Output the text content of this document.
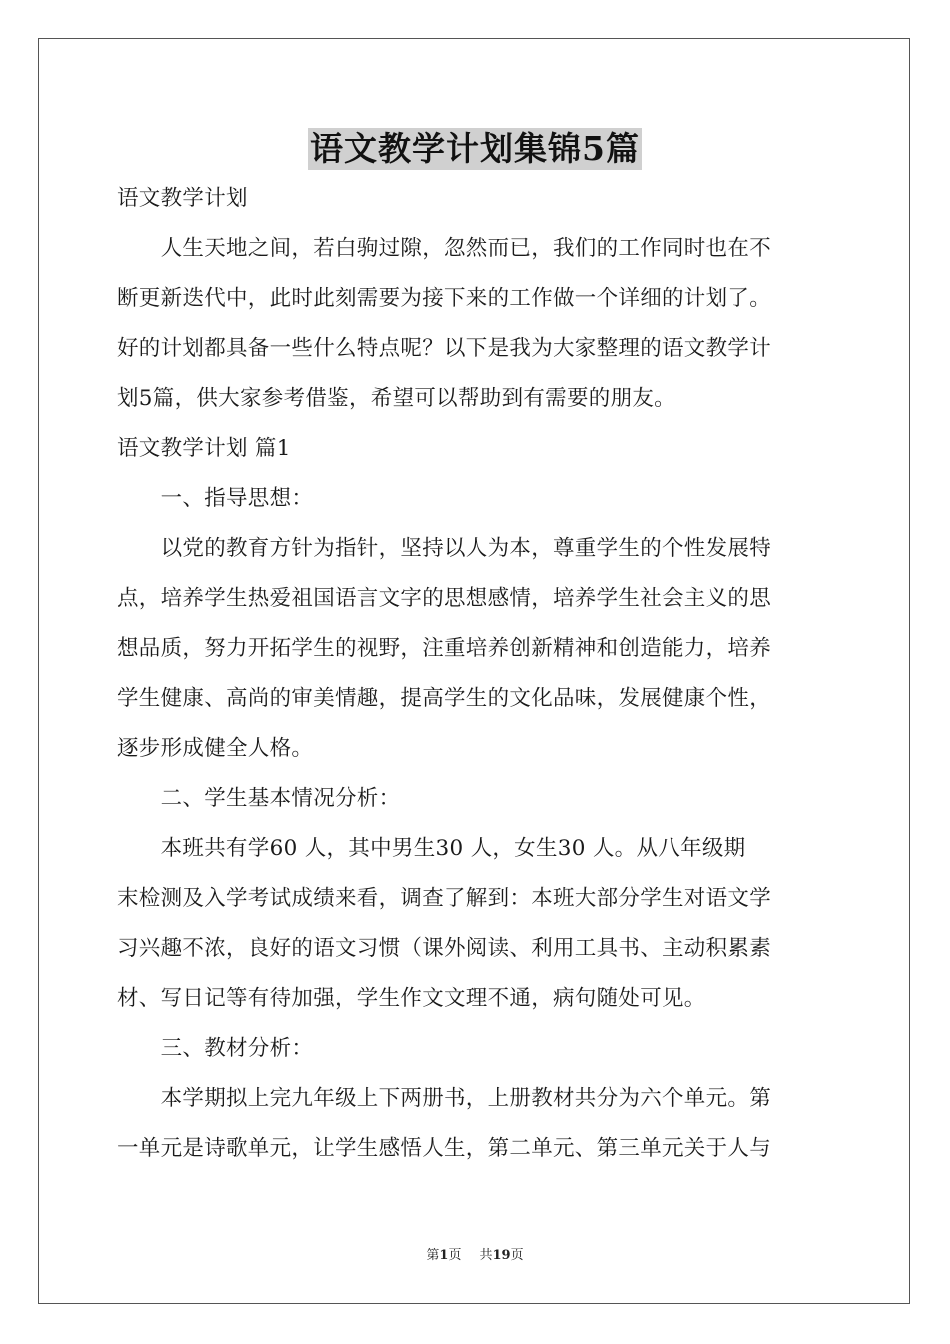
语文教学计划集锦5篇
语文教学计划
　　人生天地之间，若白驹过隙，忽然而已，我们的工作同时也在不
断更新迭代中，此时此刻需要为接下来的工作做一个详细的计划了。
好的计划都具备一些什么特点呢？以下是我为大家整理的语文教学计
划5篇，供大家参考借鉴，希望可以帮助到有需要的朋友。
语文教学计划 篇1
　　一、指导思想：
　　以党的教育方针为指针，坚持以人为本，尊重学生的个性发展特
点，培养学生热爱祖国语言文字的思想感情，培养学生社会主义的思
想品质，努力开拓学生的视野，注重培养创新精神和创造能力，培养
学生健康、高尚的审美情趣，提高学生的文化品味，发展健康个性，
逐步形成健全人格。
　　二、学生基本情况分析：
　　本班共有学60 人，其中男生30 人，女生30 人。从八年级期
末检测及入学考试成绩来看，调查了解到：本班大部分学生对语文学
习兴趣不浓，良好的语文习惯（课外阅读、利用工具书、主动积累素
材、写日记等有待加强，学生作文文理不通，病句随处可见。
　　三、教材分析：
　　本学期拟上完九年级上下两册书，上册教材共分为六个单元。第
一单元是诗歌单元，让学生感悟人生，第二单元、第三单元关于人与
第1页 共19页
